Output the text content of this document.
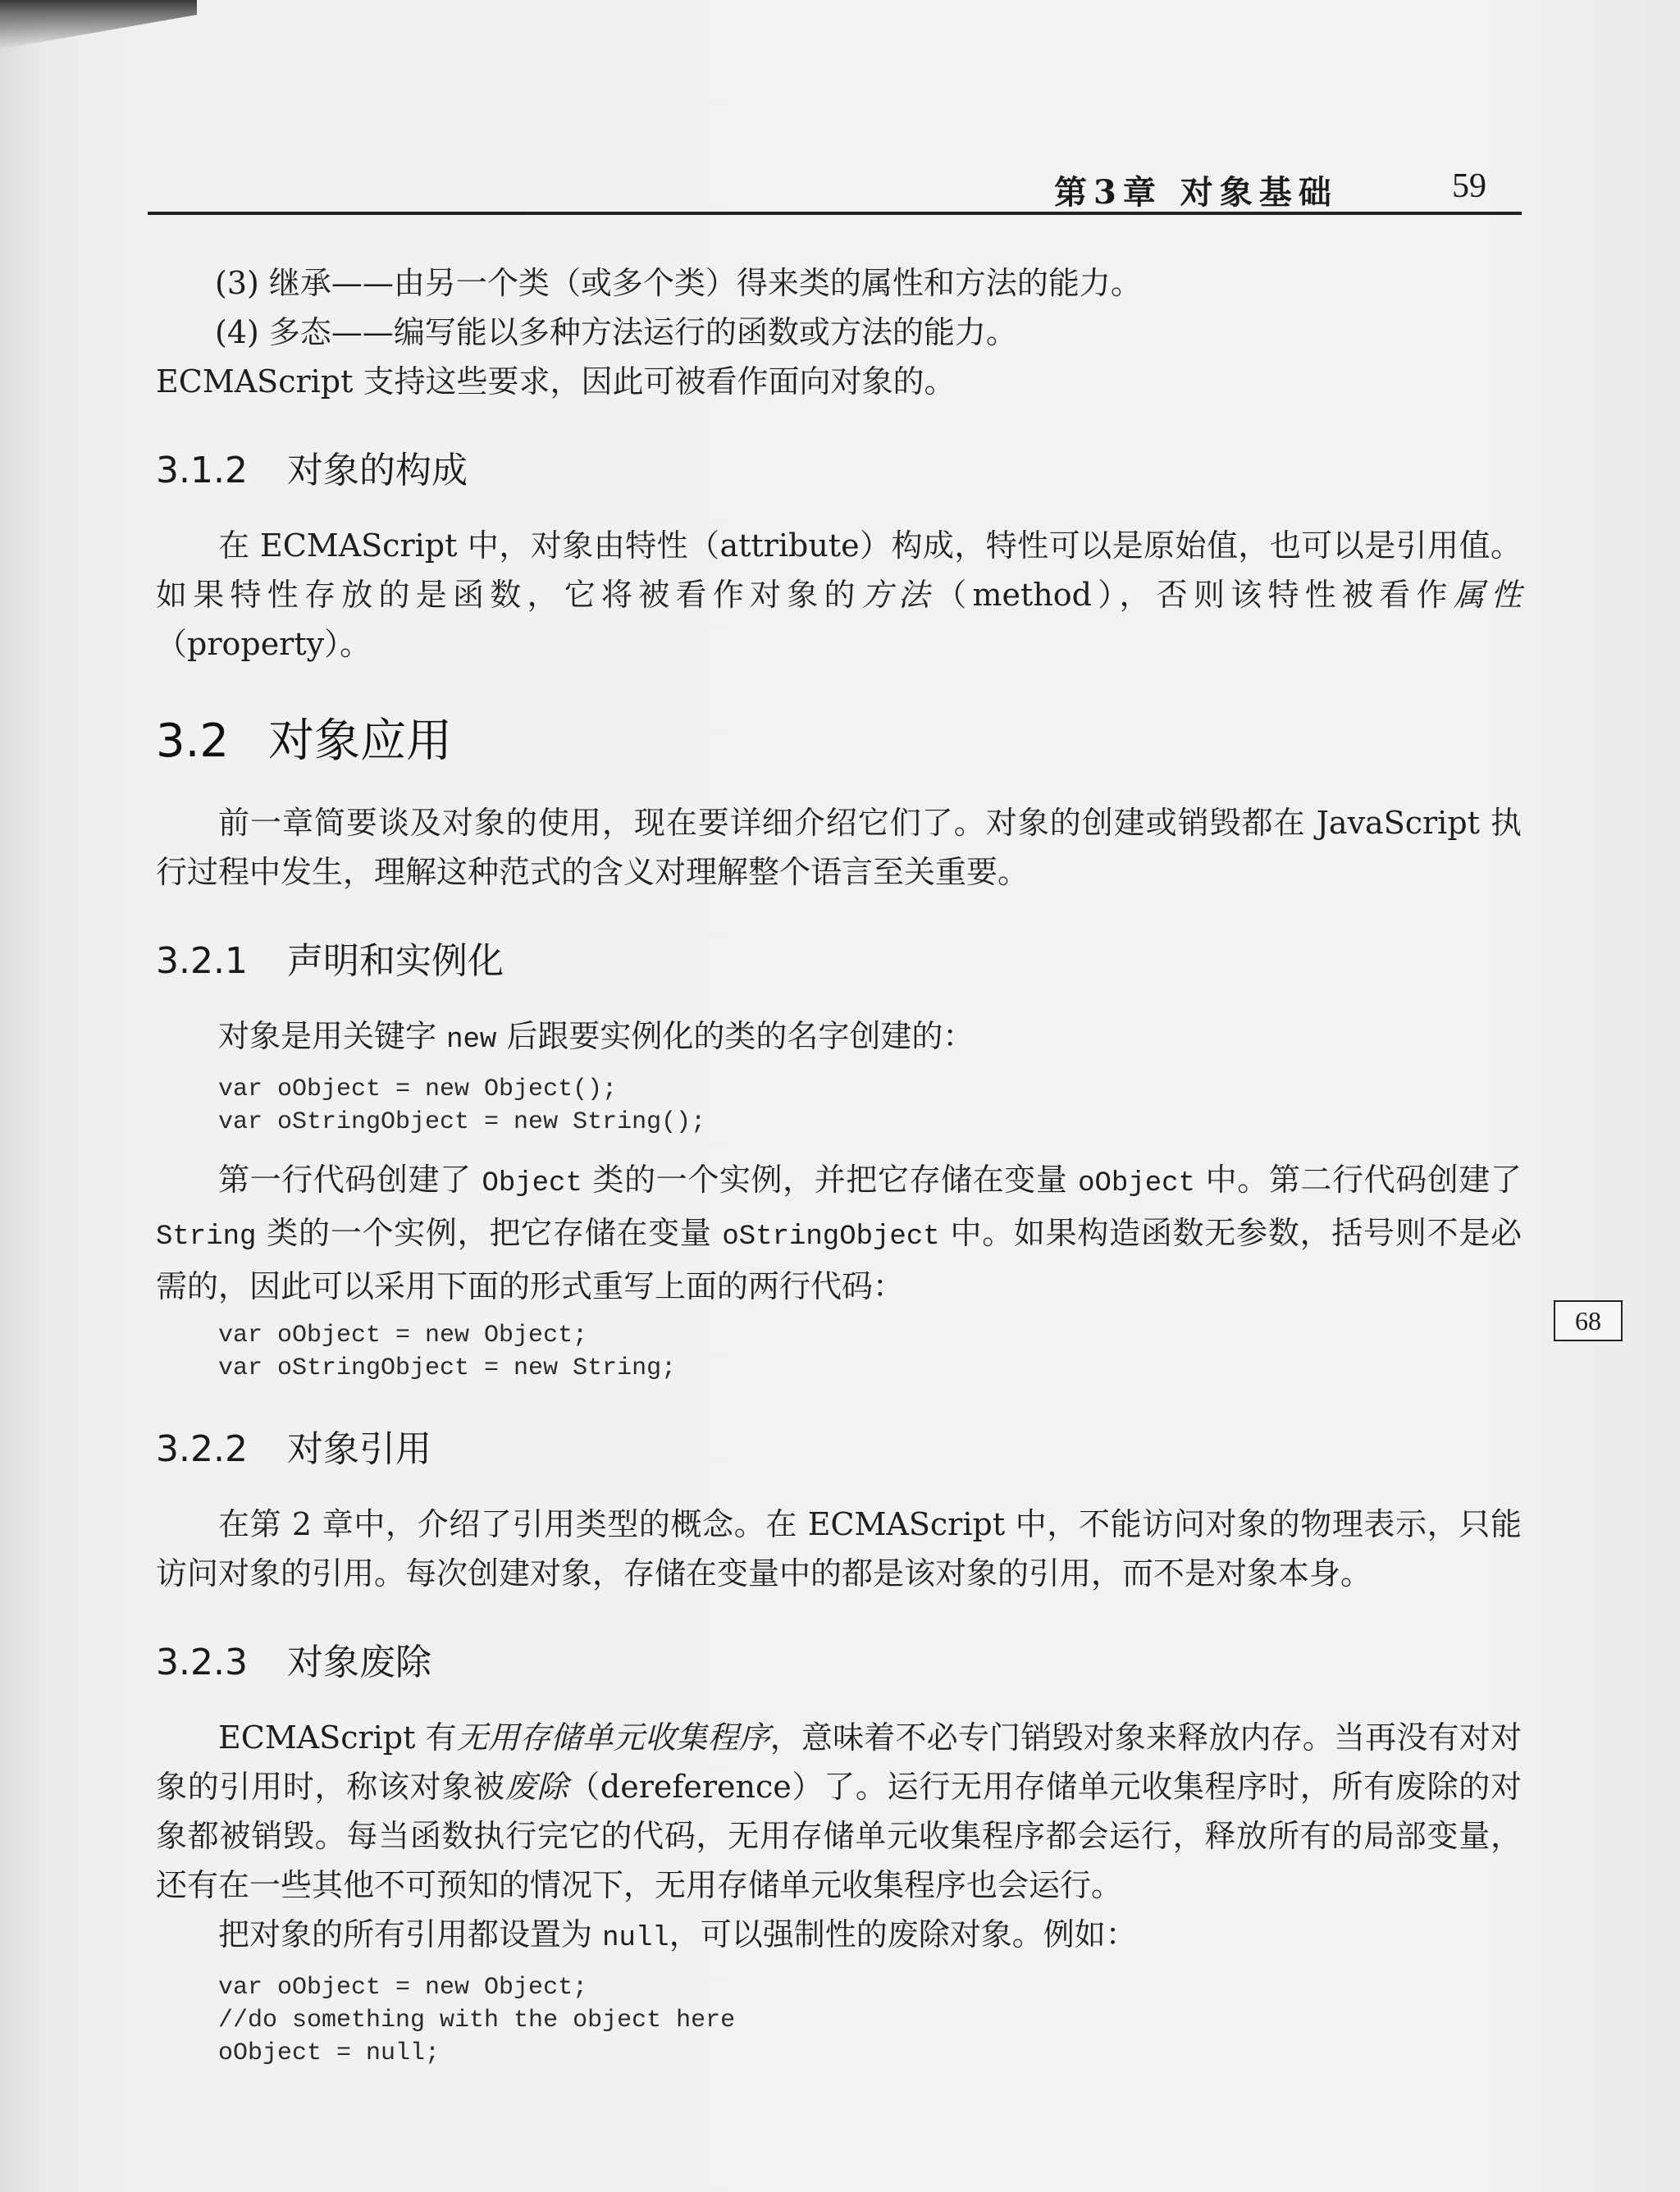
第3章 对象基础	59
68

(3) 继承——由另一个类（或多个类）得来类的属性和方法的能力。

(4) 多态——编写能以多种方法运行的函数或方法的能力。

ECMAScript 支持这些要求，因此可被看作面向对象的。

3.1.2 对象的构成

在 ECMAScript 中，对象由特性（attribute）构成，特性可以是原始值，也可以是引用值。如果特性存放的是函数，它将被看作对象的方法（method），否则该特性被看作属性（property）。

3.2 对象应用

前一章简要谈及对象的使用，现在要详细介绍它们了。对象的创建或销毁都在 JavaScript 执行过程中发生，理解这种范式的含义对理解整个语言至关重要。

3.2.1 声明和实例化

对象是用关键字 new 后跟要实例化的类的名字创建的：

var oObject = new Object();
var oStringObject = new String();

第一行代码创建了 Object 类的一个实例，并把它存储在变量 oObject 中。第二行代码创建了 String 类的一个实例，把它存储在变量 oStringObject 中。如果构造函数无参数，括号则不是必需的，因此可以采用下面的形式重写上面的两行代码：

var oObject = new Object;
var oStringObject = new String;
3.2.2 对象引用

在第 2 章中，介绍了引用类型的概念。在 ECMAScript 中，不能访问对象的物理表示，只能访问对象的引用。每次创建对象，存储在变量中的都是该对象的引用，而不是对象本身。

3.2.3 对象废除

ECMAScript 有无用存储单元收集程序，意味着不必专门销毁对象来释放内存。当再没有对对象的引用时，称该对象被废除（dereference）了。运行无用存储单元收集程序时，所有废除的对象都被销毁。每当函数执行完它的代码，无用存储单元收集程序都会运行，释放所有的局部变量，还有在一些其他不可预知的情况下，无用存储单元收集程序也会运行。

把对象的所有引用都设置为 null，可以强制性的废除对象。例如：

var oObject = new Object;
//do something with the object here
oObject = null;
